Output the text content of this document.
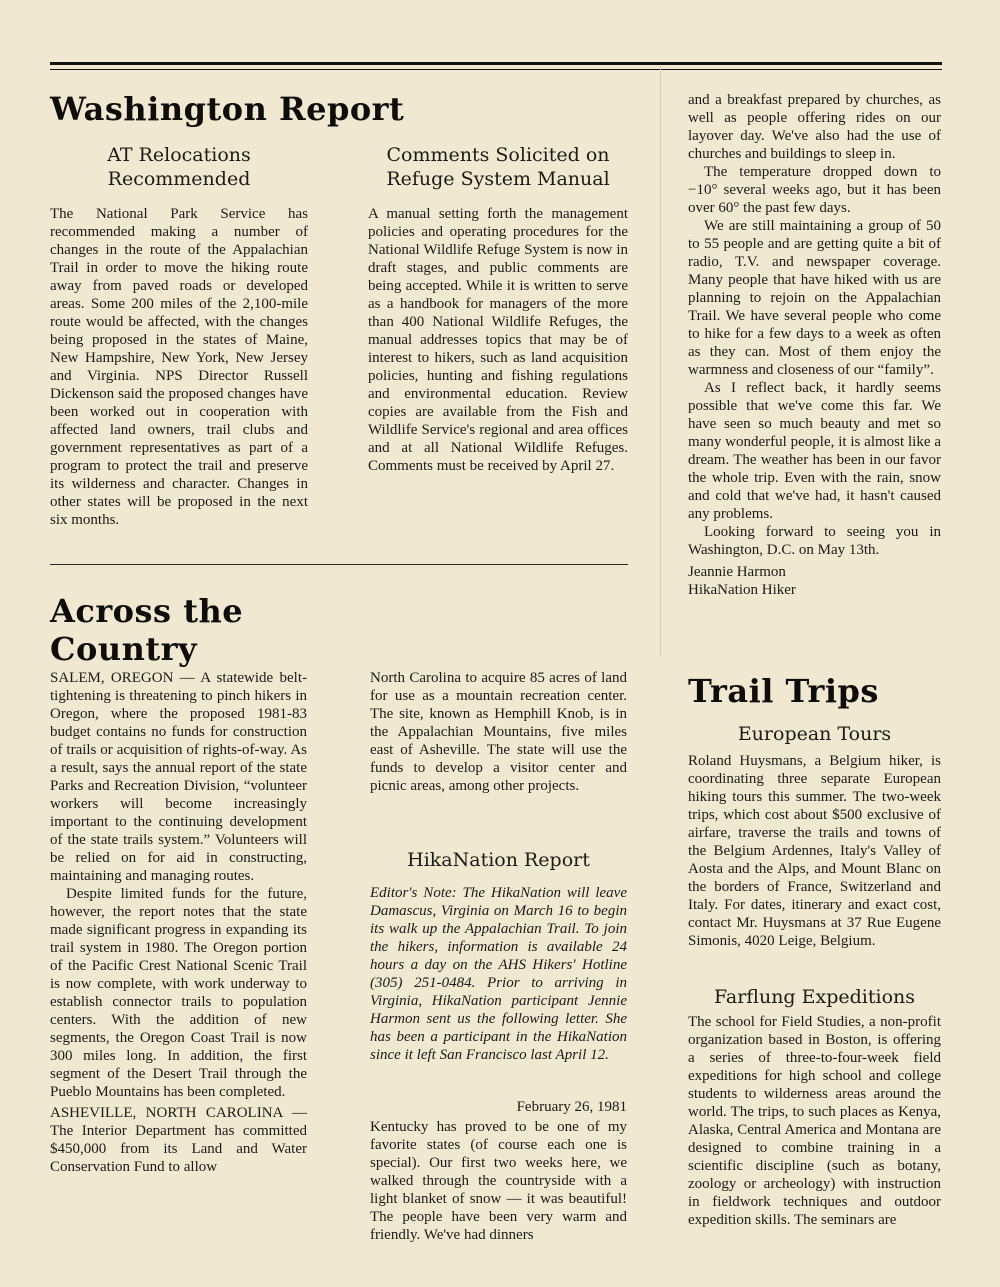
Washington Report
AT Relocations
Recommended

The National Park Service has recommended making a number of changes in the route of the Appalachian Trail in order to move the hiking route away from paved roads or developed areas. Some 200 miles of the 2,100-mile route would be affected, with the changes being proposed in the states of Maine, New Hampshire, New York, New Jersey and Virginia. NPS Director Russell Dickenson said the proposed changes have been worked out in cooperation with affected land owners, trail clubs and government representatives as part of a program to protect the trail and preserve its wilderness and character. Changes in other states will be proposed in the next six months.

Comments Solicited on
Refuge System Manual

A manual setting forth the management policies and operating procedures for the National Wildlife Refuge System is now in draft stages, and public comments are being accepted. While it is written to serve as a handbook for managers of the more than 400 National Wildlife Refuges, the manual addresses topics that may be of interest to hikers, such as land acquisition policies, hunting and fishing regulations and environmental education. Review copies are available from the Fish and Wildlife Service's regional and area offices and at all National Wildlife Refuges. Comments must be received by April 27.

and a breakfast prepared by churches, as well as people offering rides on our layover day. We've also had the use of churches and buildings to sleep in.

The temperature dropped down to −10° several weeks ago, but it has been over 60° the past few days.

We are still maintaining a group of 50 to 55 people and are getting quite a bit of radio, T.V. and newspaper coverage. Many people that have hiked with us are planning to rejoin on the Appalachian Trail. We have several people who come to hike for a few days to a week as often as they can. Most of them enjoy the warmness and closeness of our “family”.

As I reflect back, it hardly seems possible that we've come this far. We have seen so much beauty and met so many wonderful people, it is almost like a dream. The weather has been in our favor the whole trip. Even with the rain, snow and cold that we've had, it hasn't caused any problems.

Looking forward to seeing you in Washington, D.C. on May 13th.

Jeannie Harmon

HikaNation Hiker

Across the
Country

SALEM, OREGON — A statewide belt-tightening is threatening to pinch hikers in Oregon, where the proposed 1981-83 budget contains no funds for construction of trails or acquisition of rights-of-way. As a result, says the annual report of the state Parks and Recreation Division, “volunteer workers will become increasingly important to the continuing development of the state trails system.” Volunteers will be relied on for aid in constructing, maintaining and managing routes.

Despite limited funds for the future, however, the report notes that the state made significant progress in expanding its trail system in 1980. The Oregon portion of the Pacific Crest National Scenic Trail is now complete, with work underway to establish connector trails to population centers. With the addition of new segments, the Oregon Coast Trail is now 300 miles long. In addition, the first segment of the Desert Trail through the Pueblo Mountains has been completed.

ASHEVILLE, NORTH CAROLINA — The Interior Department has committed $450,000 from its Land and Water Conservation Fund to allow

North Carolina to acquire 85 acres of land for use as a mountain recreation center. The site, known as Hemphill Knob, is in the Appalachian Mountains, five miles east of Asheville. The state will use the funds to develop a visitor center and picnic areas, among other projects.

HikaNation Report

Editor's Note: The HikaNation will leave Damascus, Virginia on March 16 to begin its walk up the Appalachian Trail. To join the hikers, information is available 24 hours a day on the AHS Hikers' Hotline (305) 251-0484. Prior to arriving in Virginia, HikaNation participant Jennie Harmon sent us the following letter. She has been a participant in the HikaNation since it left San Francisco last April 12.

February 26, 1981

Kentucky has proved to be one of my favorite states (of course each one is special). Our first two weeks here, we walked through the countryside with a light blanket of snow — it was beautiful! The people have been very warm and friendly. We've had dinners

Trail Trips
European Tours

Roland Huysmans, a Belgium hiker, is coordinating three separate European hiking tours this summer. The two-week trips, which cost about $500 exclusive of airfare, traverse the trails and towns of the Belgium Ardennes, Italy's Valley of Aosta and the Alps, and Mount Blanc on the borders of France, Switzerland and Italy. For dates, itinerary and exact cost, contact Mr. Huysmans at 37 Rue Eugene Simonis, 4020 Leige, Belgium.

Farflung Expeditions

The school for Field Studies, a non-profit organization based in Boston, is offering a series of three-to-four-week field expeditions for high school and college students to wilderness areas around the world. The trips, to such places as Kenya, Alaska, Central America and Montana are designed to combine training in a scientific discipline (such as botany, zoology or archeology) with instruction in fieldwork techniques and outdoor expedition skills. The seminars are
